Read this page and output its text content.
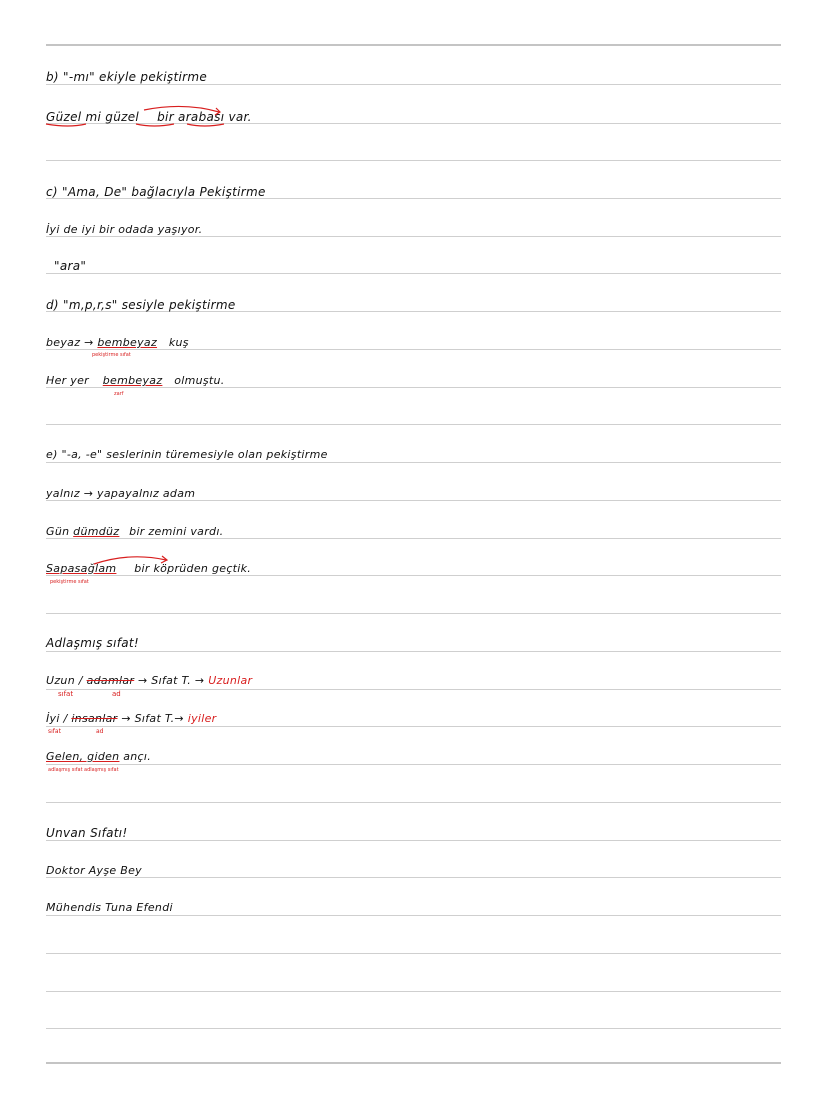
b) "-mı" ekiyle pekiştirme
Güzel mi güzel bir arabası var.
c) "Ama, De" bağlacıyla Pekiştirme
İyi de iyi bir odada yaşıyor.
"ara"
d) "m,p,r,s" sesiyle pekiştirme
beyaz → bembeyaz kuş
pekiştirme sıfat
Her yer bembeyaz olmuştu.
zarf
e) "-a, -e" seslerinin türemesiyle olan pekiştirme
yalnız → yapayalnız adam
Gün dümdüz bir zemini vardı.
Sapasağlam bir köprüden geçtik.
pekiştirme sıfat
Adlaşmış sıfat!
Uzun / adamlar → Sıfat T. → Uzunlar
sıfat	ad
İyi / insanlar → Sıfat T.→ iyiler
sıfat	ad
Gelen, giden ançı.
adlaşmış sıfat adlaşmış sıfat
Unvan Sıfatı!
Doktor Ayşe Bey
Mühendis Tuna Efendi
